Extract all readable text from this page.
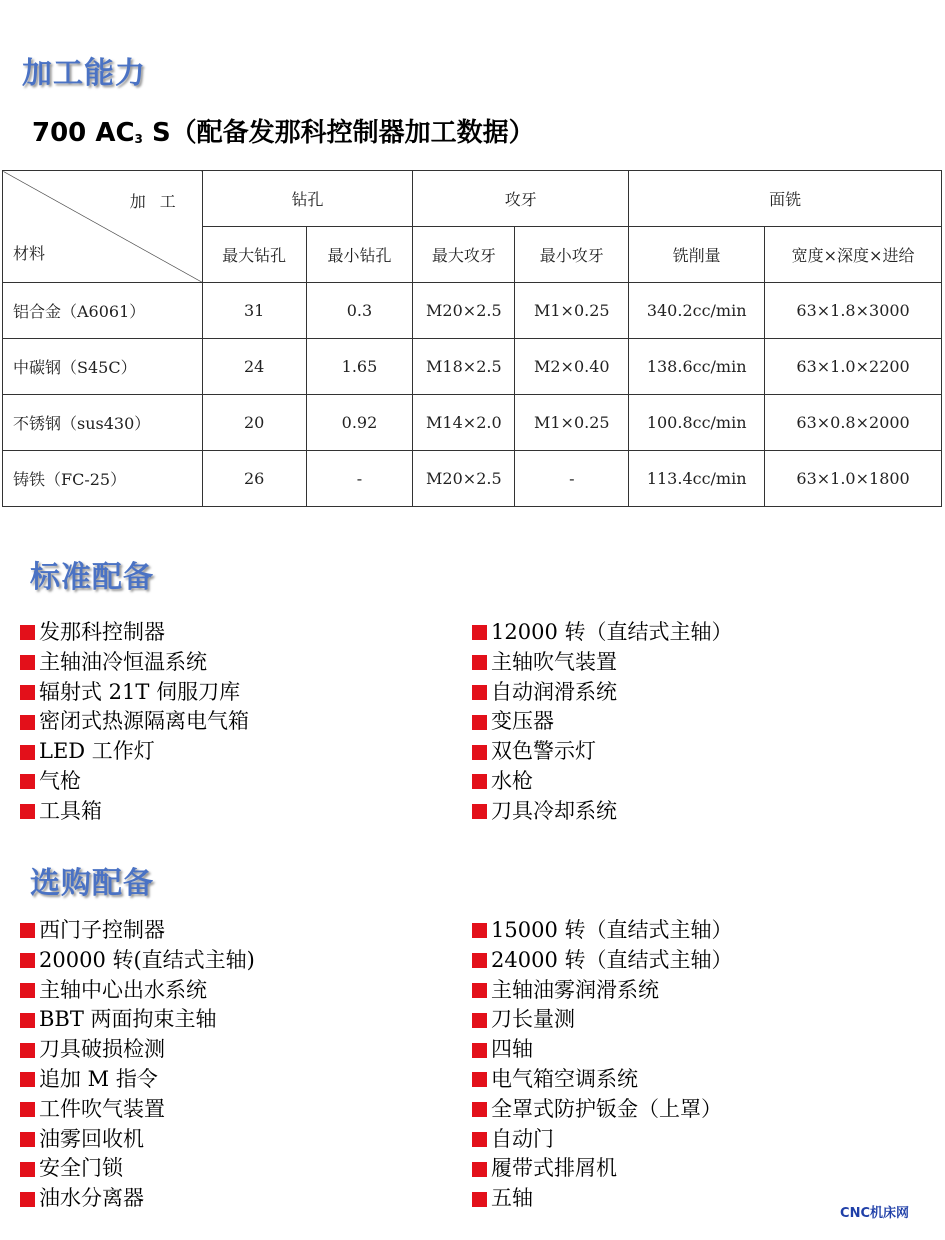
加工能力
700 $AC_3$ S（配备发那科控制器加工数据）
加工
材料	钻孔		攻牙		面铣	
	最大钻孔	最小钻孔	最大攻牙	最小攻牙	铣削量	宽度×深度×进给
铝合金（A6061）	31	0.3	M20×2.5	M1×0.25	340.2cc/min	63×1.8×3000
中碳钢（S45C）	24	1.65	M18×2.5	M2×0.40	138.6cc/min	63×1.0×2200
不锈钢（sus430）	20	0.92	M14×2.0	M1×0.25	100.8cc/min	63×0.8×2000
铸铁（FC-25）	26	-	M20×2.5	-	113.4cc/min	63×1.0×1800
标准配备
发那科控制器
主轴油冷恒温系统
辐射式 21T 伺服刀库
密闭式热源隔离电气箱
LED 工作灯
气枪
工具箱
12000 转（直结式主轴）
主轴吹气装置
自动润滑系统
变压器
双色警示灯
水枪
刀具冷却系统
选购配备
西门子控制器
20000 转(直结式主轴)
主轴中心出水系统
BBT 两面拘束主轴
刀具破损检测
追加 M 指令
工件吹气装置
油雾回收机
安全门锁
油水分离器
15000 转（直结式主轴）
24000 转（直结式主轴）
主轴油雾润滑系统
刀长量测
四轴
电气箱空调系统
全罩式防护钣金（上罩）
自动门
履带式排屑机
五轴
CNC机床网
